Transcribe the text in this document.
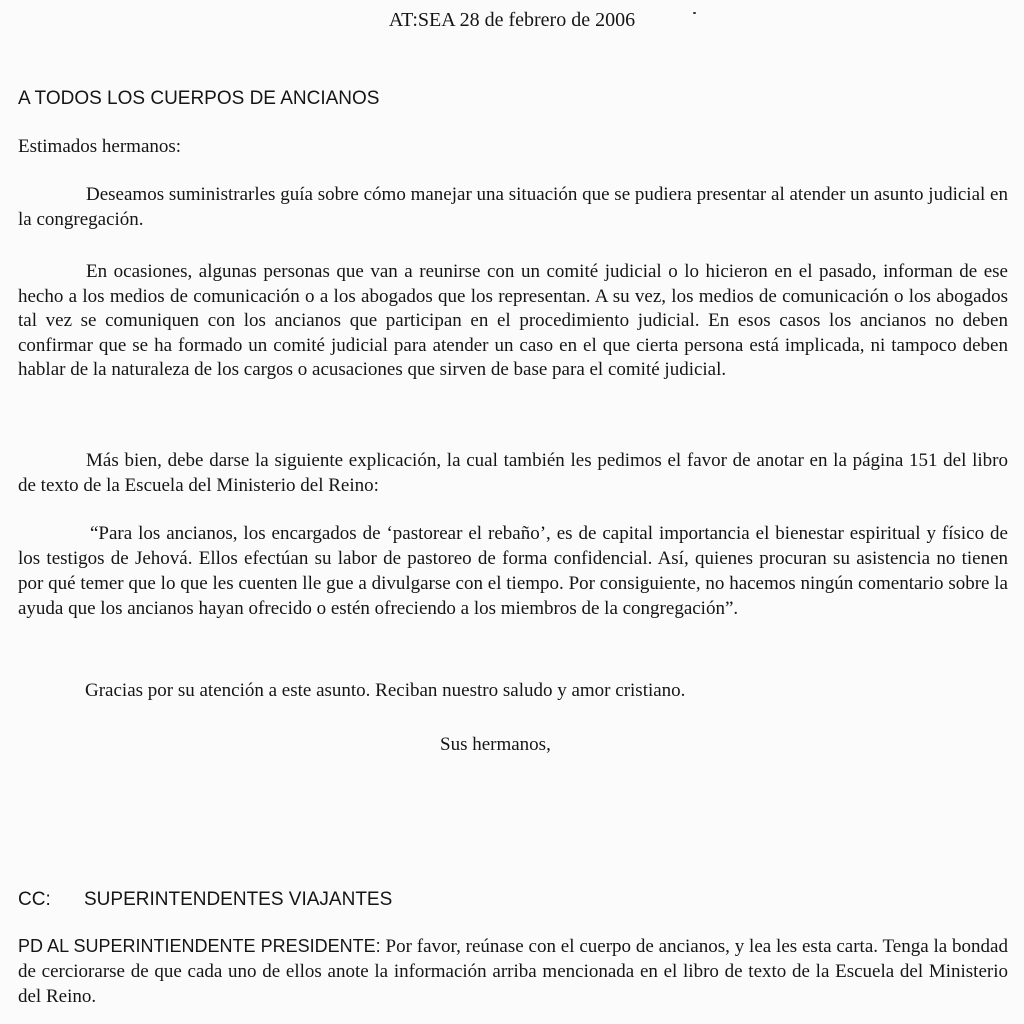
AT:SEA 28 de febrero de 2006
A TODOS LOS CUERPOS DE ANCIANOS
Estimados hermanos:
Deseamos suministrarles guía sobre cómo manejar una situación que se pudiera presentar al atender un asunto judicial en la congregación.
En ocasiones, algunas personas que van a reunirse con un comité judicial o lo hicieron en el pasado, informan de ese hecho a los medios de comunicación o a los abogados que los representan. A su vez, los medios de comunicación o los abogados tal vez se comuniquen con los ancianos que participan en el procedimiento judicial. En esos casos los ancianos no deben confirmar que se ha formado un comité judicial para atender un caso en el que cierta persona está implicada, ni tampoco deben hablar de la naturaleza de los cargos o acusaciones que sirven de base para el comité judicial.
Más bien, debe darse la siguiente explicación, la cual también les pedimos el favor de anotar en la página 151 del libro de texto de la Escuela del Ministerio del Reino:
“Para los ancianos, los encargados de ‘pastorear el rebaño’, es de capital importancia el bienestar espiritual y físico de los testigos de Jehová. Ellos efectúan su labor de pastoreo de forma confidencial. Así, quienes procuran su asistencia no tienen por qué temer que lo que les cuenten lle gue a divulgarse con el tiempo. Por consiguiente, no hacemos ningún comentario sobre la ayuda que los ancianos hayan ofrecido o estén ofreciendo a los miembros de la congregación”.
Gracias por su atención a este asunto. Reciban nuestro saludo y amor cristiano.
Sus hermanos,
CC: SUPERINTENDENTES VIAJANTES
PD AL SUPERINTIENDENTE PRESIDENTE: Por favor, reúnase con el cuerpo de ancianos, y lea les esta carta. Tenga la bondad de cerciorarse de que cada uno de ellos anote la información arriba mencionada en el libro de texto de la Escuela del Ministerio del Reino.
